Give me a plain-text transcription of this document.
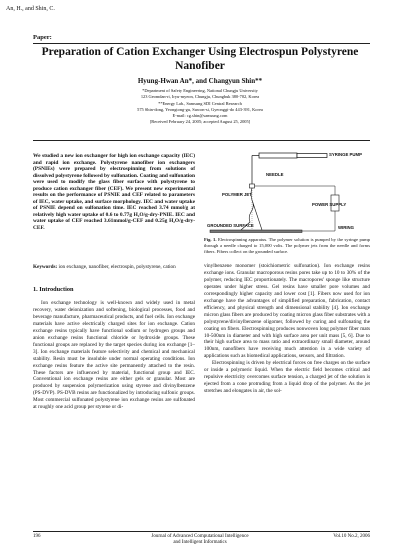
An, H., and Shin, C.
Paper:
Preparation of Cation Exchanger Using Electrospun Polystyrene Nanofiber
Hyung-Hwan An*, and Changyun Shin**
*Department of Safety Engineering, National Chungju University
123 Geomdan-ri, Iryu-myeon, Chungju, Chungbuk 380-702, Korea
**Energy Lab., Samsung SDI Central Research
575 Shin-dong, Yeongtong-gu, Suwon-si, Gyeonggi-do 443-391, Korea
E-mail: cg.shin@samsung.com
[Received February 24, 2005; accepted August 25, 2005]
We studied a new ion exchanger for high ion exchange capacity (IEC) and rapid ion exchange. Polystyrene nanofiber ion exchangers (PSNIEs) were prepared by electrospinning from solutions of dissolved polystyrene followed by sulfonation. Coating and sulfonation were used to modify the glass fiber surface with polystyrene to produce cation exchanger fiber (CEF). We present new experimental results on the performance of PSNIE and CEF related to parameters of IEC, water uptake, and surface morphology. IEC and water uptake of PSNIE depend on sulfonation time. IEC reached 3.74 mmol/g at relatively high water uptake of 0.6 to 0.77g H₂O/g-dry-PNIE. IEC and water uptake of CEF reached 3.61mmol/g-CEF and 0.25g H₂O/g-dry-CEF.
Keywords: ion exchange, nanofiber, electrospin, polystyrene, cation
1. Introduction

Ion exchange technology is well-known and widely used in metal recovery, water deionization and softening, biological processes, food and beverage manufacture, pharmaceutical products, and fuel cells. Ion exchange materials have active electrically charged sites for ion exchange. Cation exchange resins typically have functional sodium or hydrogen groups and anion exchange resins functional chloride or hydroxide groups. These functional groups are replaced by the target species during ion exchange [1–3]. Ion exchange materials feature selectivity and chemical and mechanical stability. Resin must be insoluble under normal operating conditions. Ion exchange resins feature the active site permanently attached to the resin. These factors are influenced by material, functional group and IEC. Conventional ion exchange resins are either gels or granular. Most are produced by suspension polymerization using styrene and divinylbenzene (PS-DVP). PS-DVB resins are functionalized by introducing sulfonic groups. Most commercial sulfonated polystyrene ion exchange resins are sulfonated at roughly one acid group per styrene or di-

SYRINGE PUMP
NEEDLE
POLYMER JET
POWER SUPPLY
GROUNDED SURFACE	WIRING
Fig. 1. Electrospinning apparatus. The polymer solution is pumped by the syringe pump through a needle charged to 15,000 volts. The polymer jets from the needle and forms fibers. Fibers collect on the grounded surface.

vinylbenzene monomer (stoichiometric sulfonation). Ion exchange resins exchange ions. Granular macroporous resins pores take up to 10 to 30% of the polymer, reducing IEC proportionately. The macropores' sponge like structure operates under higher stress. Gel resins have smaller pore volumes and correspondingly higher capacity and lower cost [1]. Fibers now used for ion exchange have the advantages of simplified preparation, fabrication, contact efficiency, and physical strength and dimensional stability [4]. Ion exchange micron glass fibers are produced by coating micron glass fiber substrates with a polystyrene/divinylbenzene oligomer, followed by curing and sulfonating the coating on fibers. Electrospinning produces nonwoven long polymer fiber mats 10-500nm in diameter and with high surface area per unit mass [5, 6]. Due to their high surface area to mass ratio and extraordinary small diameter, around 100nm, nanofibers have receiving much attention in a wide variety of applications such as biomedical applications, sensors, and filtration.

Electrospinning is driven by electrical forces on free charges on the surface or inside a polymeric liquid. When the electric field becomes critical and repulsive electricity overcomes surface tension, a charged jet of the solution is ejected from a cone protruding from a liquid drop of the polymer. As the jet stretches and elongates in air, the sol-

196	Journal of Advanced Computational Intelligence
and Intelligent Informatics
Vol.10 No.2, 2006
